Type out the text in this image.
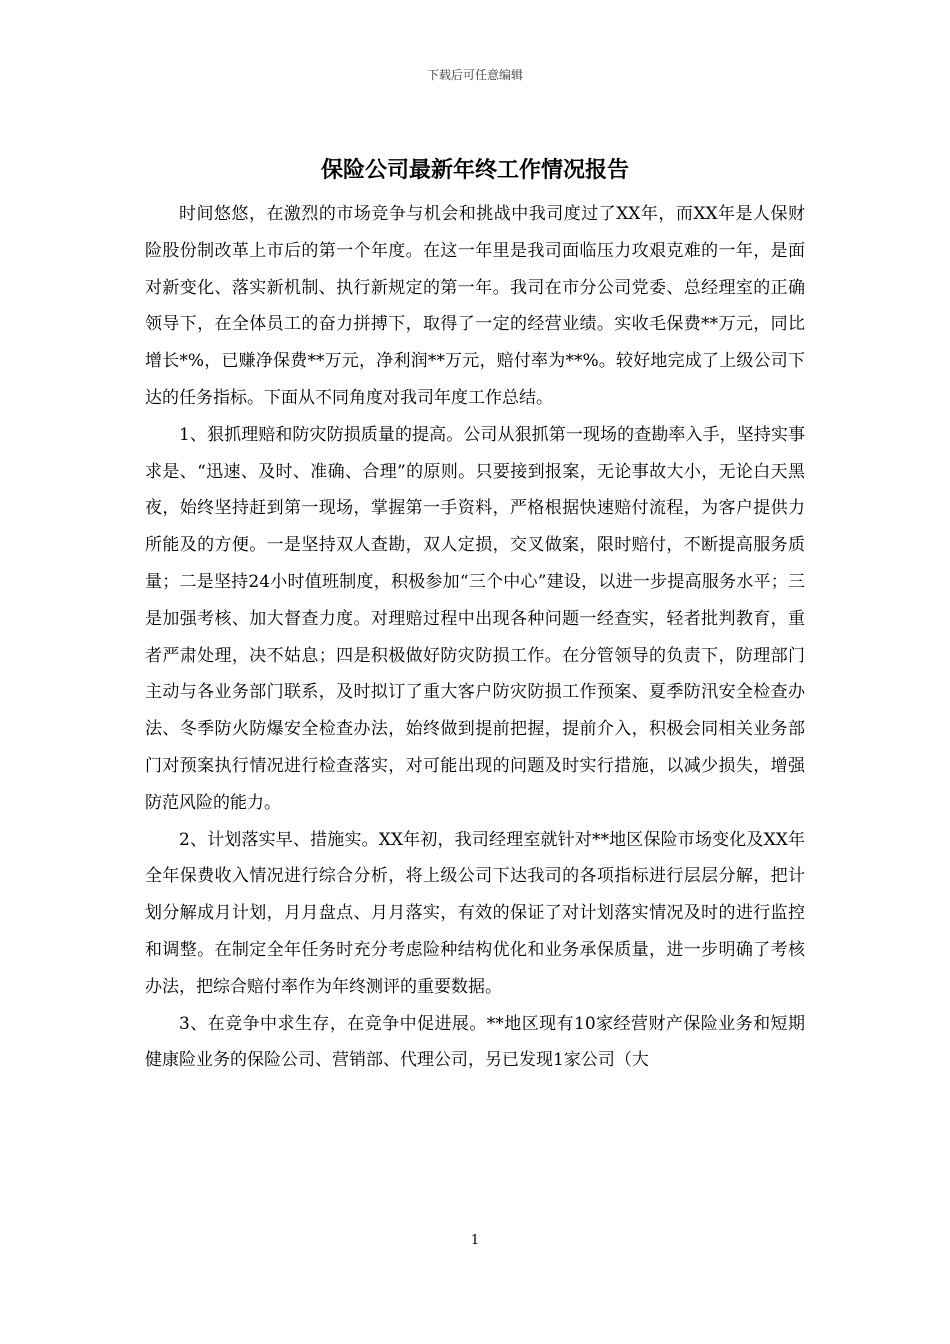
下载后可任意编辑
保险公司最新年终工作情况报告

时间悠悠，在激烈的市场竞争与机会和挑战中我司度过了XX年，而XX年是人保财险股份制改革上市后的第一个年度。在这一年里是我司面临压力攻艰克难的一年，是面对新变化、落实新机制、执行新规定的第一年。我司在市分公司党委、总经理室的正确领导下，在全体员工的奋力拼搏下，取得了一定的经营业绩。实收毛保费**万元，同比增长*%，已赚净保费**万元，净利润**万元，赔付率为**%。较好地完成了上级公司下达的任务指标。下面从不同角度对我司年度工作总结。

1、狠抓理赔和防灾防损质量的提高。公司从狠抓第一现场的查勘率入手，坚持实事求是、“迅速、及时、准确、合理”的原则。只要接到报案，无论事故大小，无论白天黑夜，始终坚持赶到第一现场，掌握第一手资料，严格根据快速赔付流程，为客户提供力所能及的方便。一是坚持双人查勘，双人定损，交叉做案，限时赔付，不断提高服务质量；二是坚持24小时值班制度，积极参加“三个中心”建设，以进一步提高服务水平；三是加强考核、加大督查力度。对理赔过程中出现各种问题一经查实，轻者批判教育，重者严肃处理，决不姑息；四是积极做好防灾防损工作。在分管领导的负责下，防理部门主动与各业务部门联系，及时拟订了重大客户防灾防损工作预案、夏季防汛安全检查办法、冬季防火防爆安全检查办法，始终做到提前把握，提前介入，积极会同相关业务部门对预案执行情况进行检查落实，对可能出现的问题及时实行措施，以减少损失，增强防范风险的能力。

2、计划落实早、措施实。XX年初，我司经理室就针对**地区保险市场变化及XX年全年保费收入情况进行综合分析，将上级公司下达我司的各项指标进行层层分解，把计划分解成月计划，月月盘点、月月落实，有效的保证了对计划落实情况及时的进行监控和调整。在制定全年任务时充分考虑险种结构优化和业务承保质量，进一步明确了考核办法，把综合赔付率作为年终测评的重要数据。

3、在竞争中求生存，在竞争中促进展。**地区现有10家经营财产保险业务和短期健康险业务的保险公司、营销部、代理公司，另已发现1家公司（大

1
